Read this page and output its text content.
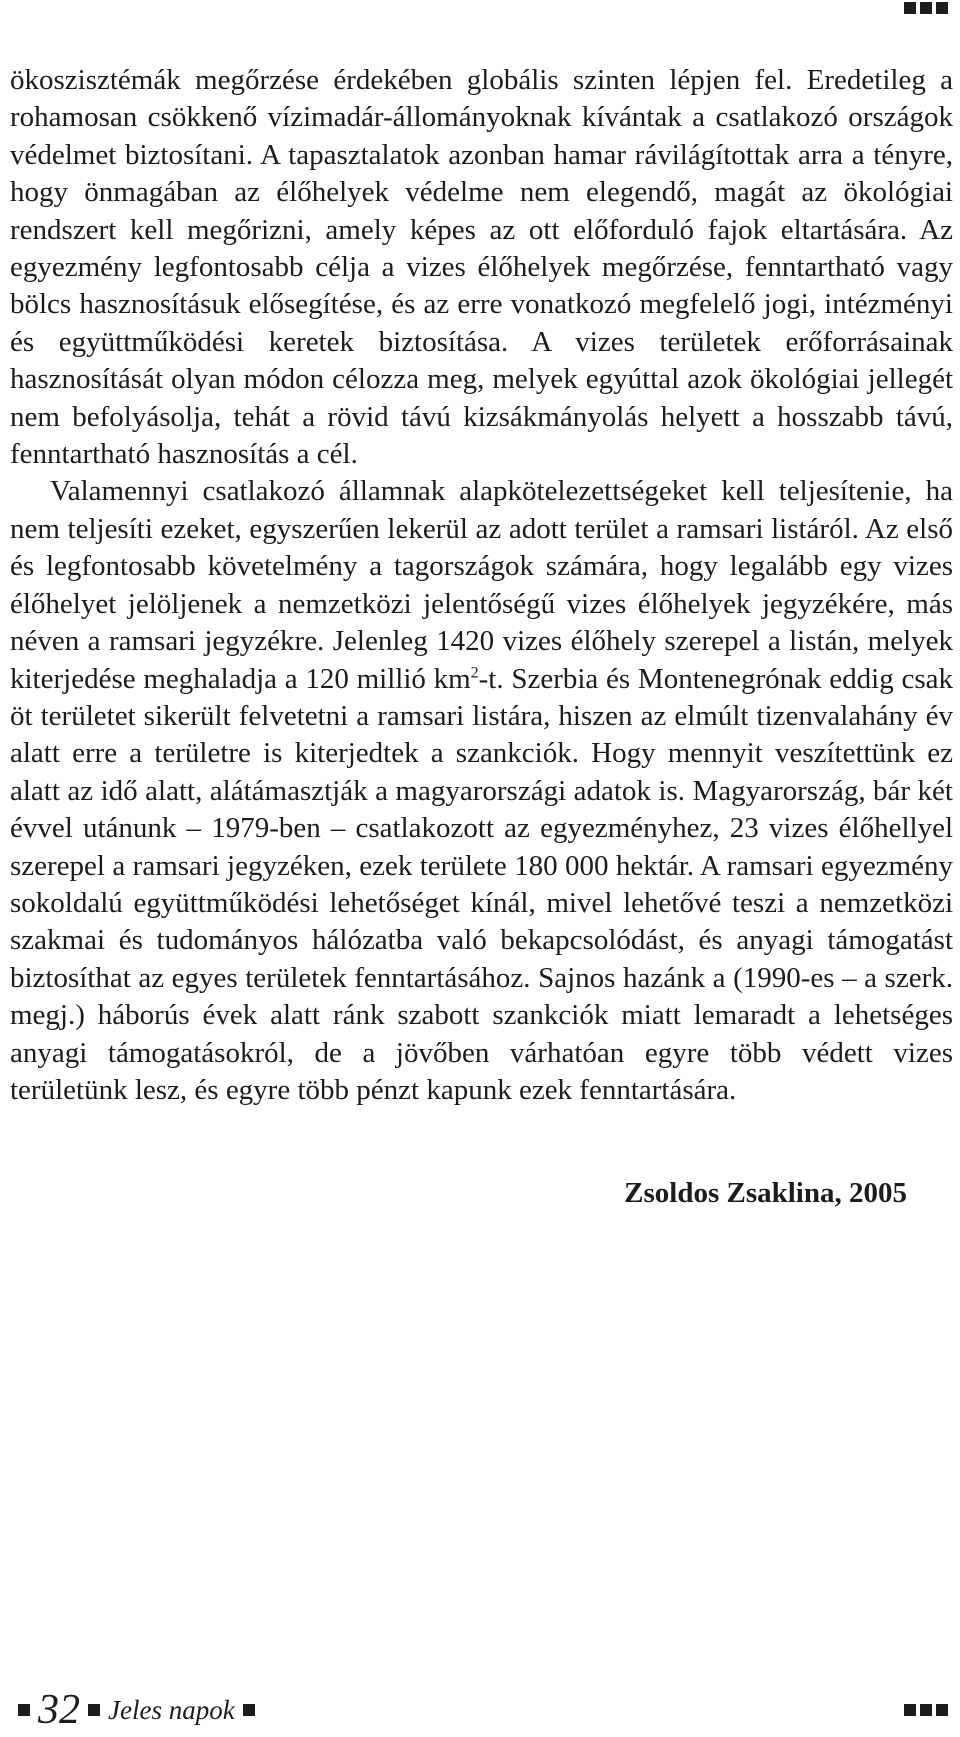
ökoszisztémák megőrzése érdekében globális szinten lépjen fel. Eredetileg a rohamosan csökkenő vízimadár-állományoknak kívántak a csatlakozó országok védelmet biztosítani. A tapasztalatok azonban hamar rávilágítottak arra a tényre, hogy önmagában az élőhelyek védelme nem elegendő, magát az ökológiai rendszert kell megőrizni, amely képes az ott előforduló fajok eltartására. Az egyezmény legfontosabb célja a vizes élőhelyek megőrzése, fenntartható vagy bölcs hasznosításuk elősegítése, és az erre vonatkozó megfelelő jogi, intézményi és együttműködési keretek biztosítása. A vizes területek erőforrásainak hasznosítását olyan módon célozza meg, melyek egyúttal azok ökológiai jellegét nem befolyásolja, tehát a rövid távú kizsákmányolás helyett a hosszabb távú, fenntartható hasznosítás a cél.

Valamennyi csatlakozó államnak alapkötelezettségeket kell teljesítenie, ha nem teljesíti ezeket, egyszerűen lekerül az adott terület a ramsari listáról. Az első és legfontosabb követelmény a tagországok számára, hogy legalább egy vizes élőhelyet jelöljenek a nemzetközi jelentőségű vizes élőhelyek jegyzékére, más néven a ramsari jegyzékre. Jelenleg 1420 vizes élőhely szerepel a listán, melyek kiterjedése meghaladja a 120 millió $km^2-t$. Szerbia és Montenegrónak eddig csak öt területet sikerült felvetetni a ramsari listára, hiszen az elmúlt tizenvalahány év alatt erre a területre is kiterjedtek a szankciók. Hogy mennyit veszítettünk ez alatt az idő alatt, alátámasztják a magyarországi adatok is. Magyarország, bár két évvel utánunk – 1979-ben – csatlakozott az egyezményhez, 23 vizes élőhellyel szerepel a ramsari jegyzéken, ezek területe 180 000 hektár. A ramsari egyezmény sokoldalú együttműködési lehetőséget kínál, mivel lehetővé teszi a nemzetközi szakmai és tudományos hálózatba való bekapcsolódást, és anyagi támogatást biztosíthat az egyes területek fenntartásához. Sajnos hazánk a (1990-es – a szerk. megj.) háborús évek alatt ránk szabott szankciók miatt lemaradt a lehetséges anyagi támogatásokról, de a jövőben várhatóan egyre több védett vizes területünk lesz, és egyre több pénzt kapunk ezek fenntartására.

Zsoldos Zsaklina, 2005
32 Jeles napok
